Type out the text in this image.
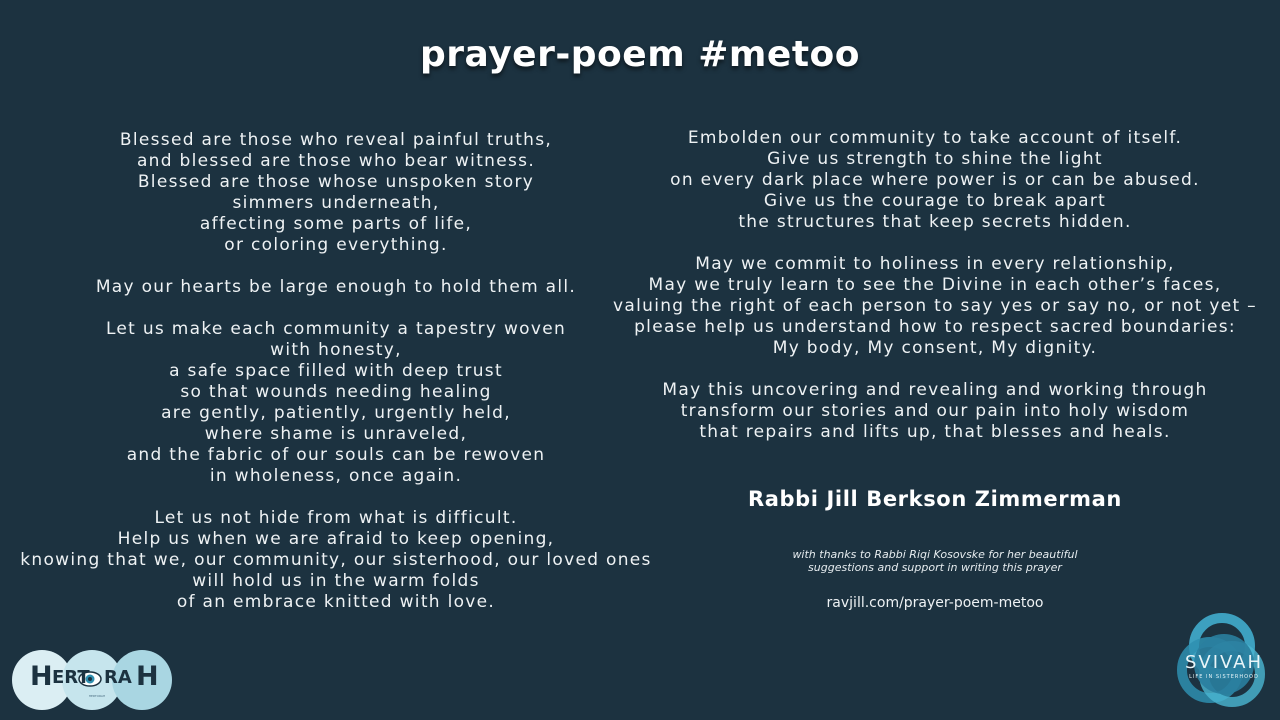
prayer-poem #metoo
Blessed are those who reveal painful truths,
and blessed are those who bear witness.
Blessed are those whose unspoken story
simmers underneath,
affecting some parts of life,
or coloring everything.
May our hearts be large enough to hold them all.
Let us make each community a tapestry woven
with honesty,
a safe space filled with deep trust
so that wounds needing healing
are gently, patiently, urgently held,
where shame is unraveled,
and the fabric of our souls can be rewoven
in wholeness, once again.
Let us not hide from what is difficult.
Help us when we are afraid to keep opening,
knowing that we, our community, our sisterhood, our loved ones
will hold us in the warm folds
of an embrace knitted with love.
Embolden our community to take account of itself.
Give us strength to shine the light
on every dark place where power is or can be abused.
Give us the courage to break apart
the structures that keep secrets hidden.
May we commit to holiness in every relationship,
May we truly learn to see the Divine in each other’s faces,
valuing the right of each person to say yes or say no, or not yet –
please help us understand how to respect sacred boundaries:
My body, My consent, My dignity.
May this uncovering and revealing and working through
transform our stories and our pain into holy wisdom
that repairs and lifts up, that blesses and heals.
Rabbi Jill Berkson Zimmerman
with thanks to Rabbi Riqi Kosovske for her beautiful
suggestions and support in writing this prayer
ravjill.com/prayer-poem-metoo
H ERT RA H
HERTORAH
SVIVAH
LIFE IN SISTERHOOD
